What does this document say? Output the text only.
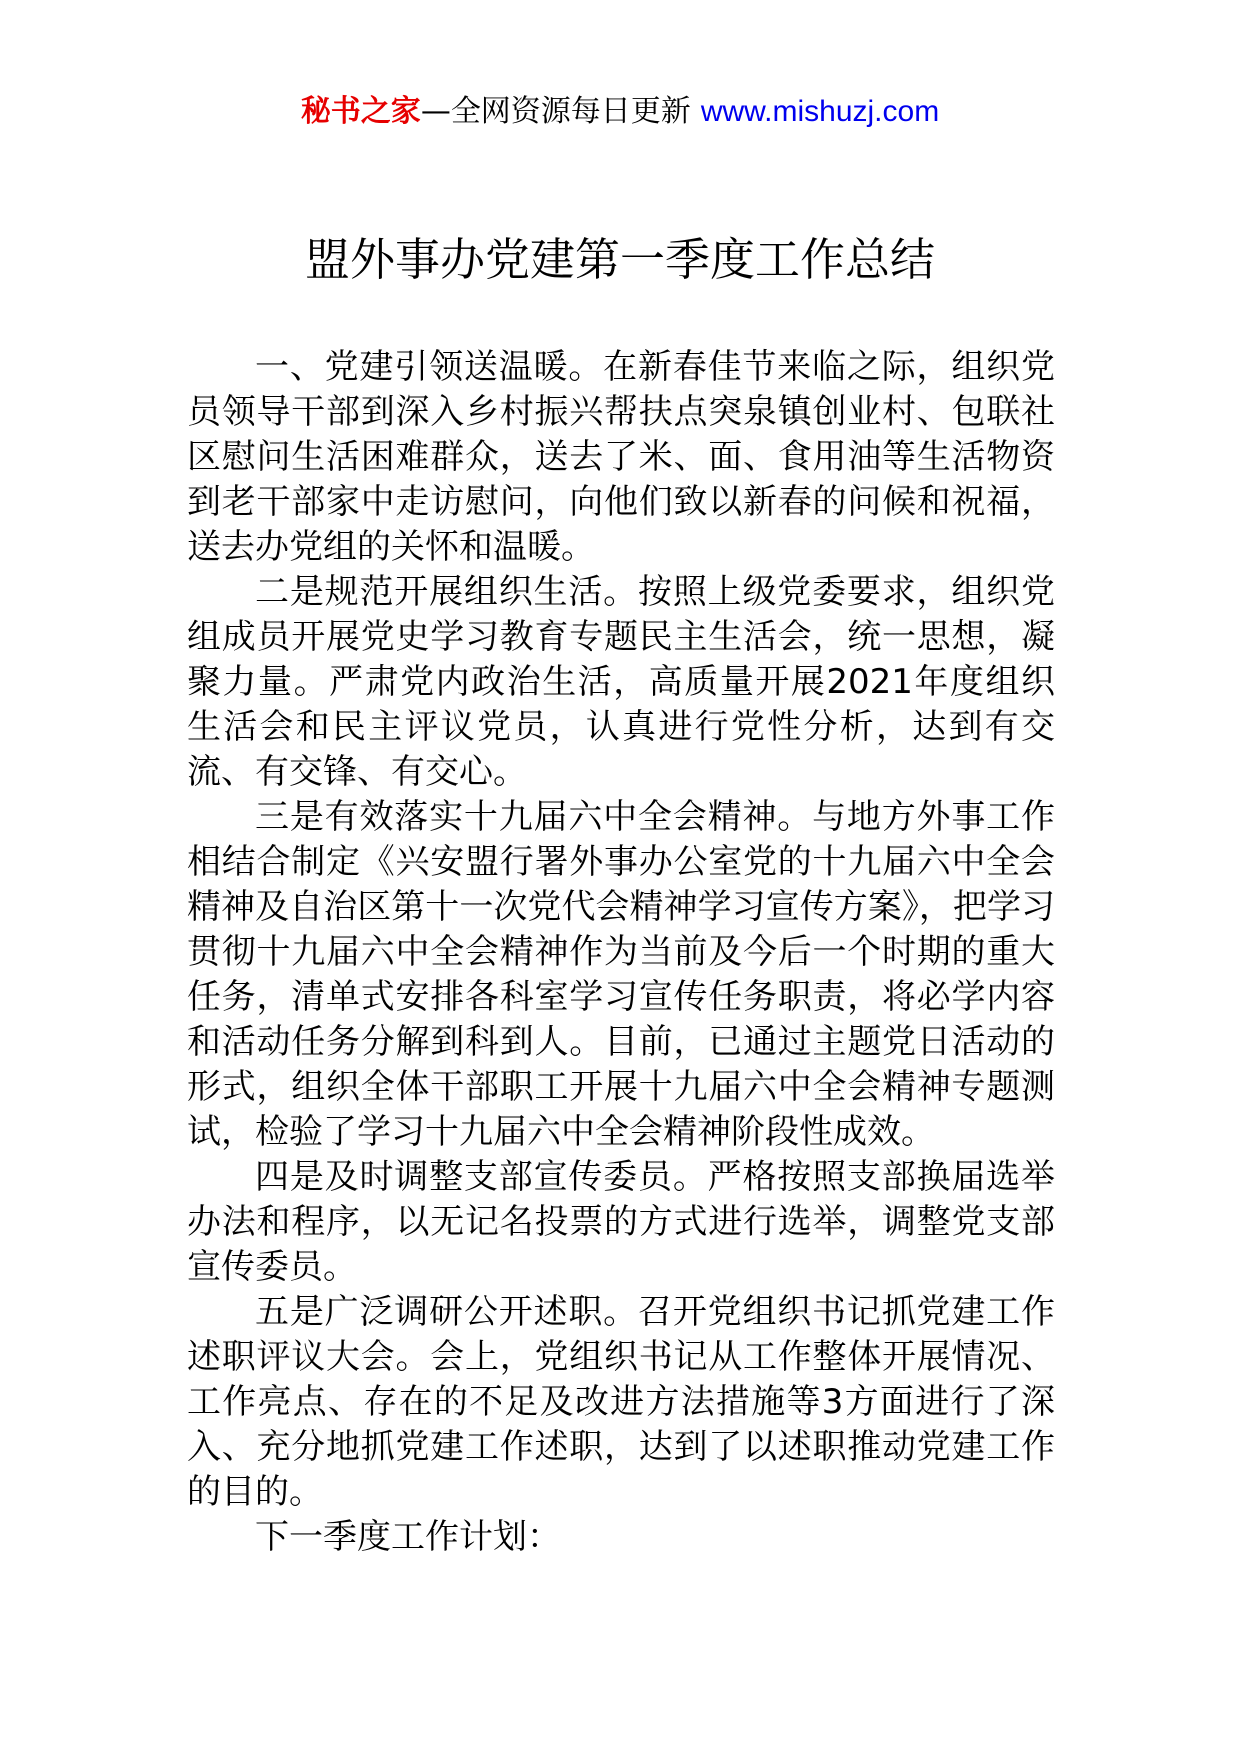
秘书之家—全网资源每日更新 www.mishuzj.com
盟外事办党建第一季度工作总结

一、党建引领送温暖。在新春佳节来临之际，组织党员领导干部到深入乡村振兴帮扶点突泉镇创业村、包联社区慰问生活困难群众，送去了米、面、食用油等生活物资到老干部家中走访慰问，向他们致以新春的问候和祝福，送去办党组的关怀和温暖。

二是规范开展组织生活。按照上级党委要求，组织党组成员开展党史学习教育专题民主生活会，统一思想，凝聚力量。严肃党内政治生活，高质量开展2021年度组织生活会和民主评议党员，认真进行党性分析，达到有交流、有交锋、有交心。

三是有效落实十九届六中全会精神。与地方外事工作相结合制定《兴安盟行署外事办公室党的十九届六中全会精神及自治区第十一次党代会精神学习宣传方案》，把学习贯彻十九届六中全会精神作为当前及今后一个时期的重大任务，清单式安排各科室学习宣传任务职责，将必学内容和活动任务分解到科到人。目前，已通过主题党日活动的形式，组织全体干部职工开展十九届六中全会精神专题测试，检验了学习十九届六中全会精神阶段性成效。

四是及时调整支部宣传委员。严格按照支部换届选举办法和程序，以无记名投票的方式进行选举，调整党支部宣传委员。

五是广泛调研公开述职。召开党组织书记抓党建工作述职评议大会。会上，党组织书记从工作整体开展情况、工作亮点、存在的不足及改进方法措施等3方面进行了深入、充分地抓党建工作述职，达到了以述职推动党建工作的目的。

下一季度工作计划：
